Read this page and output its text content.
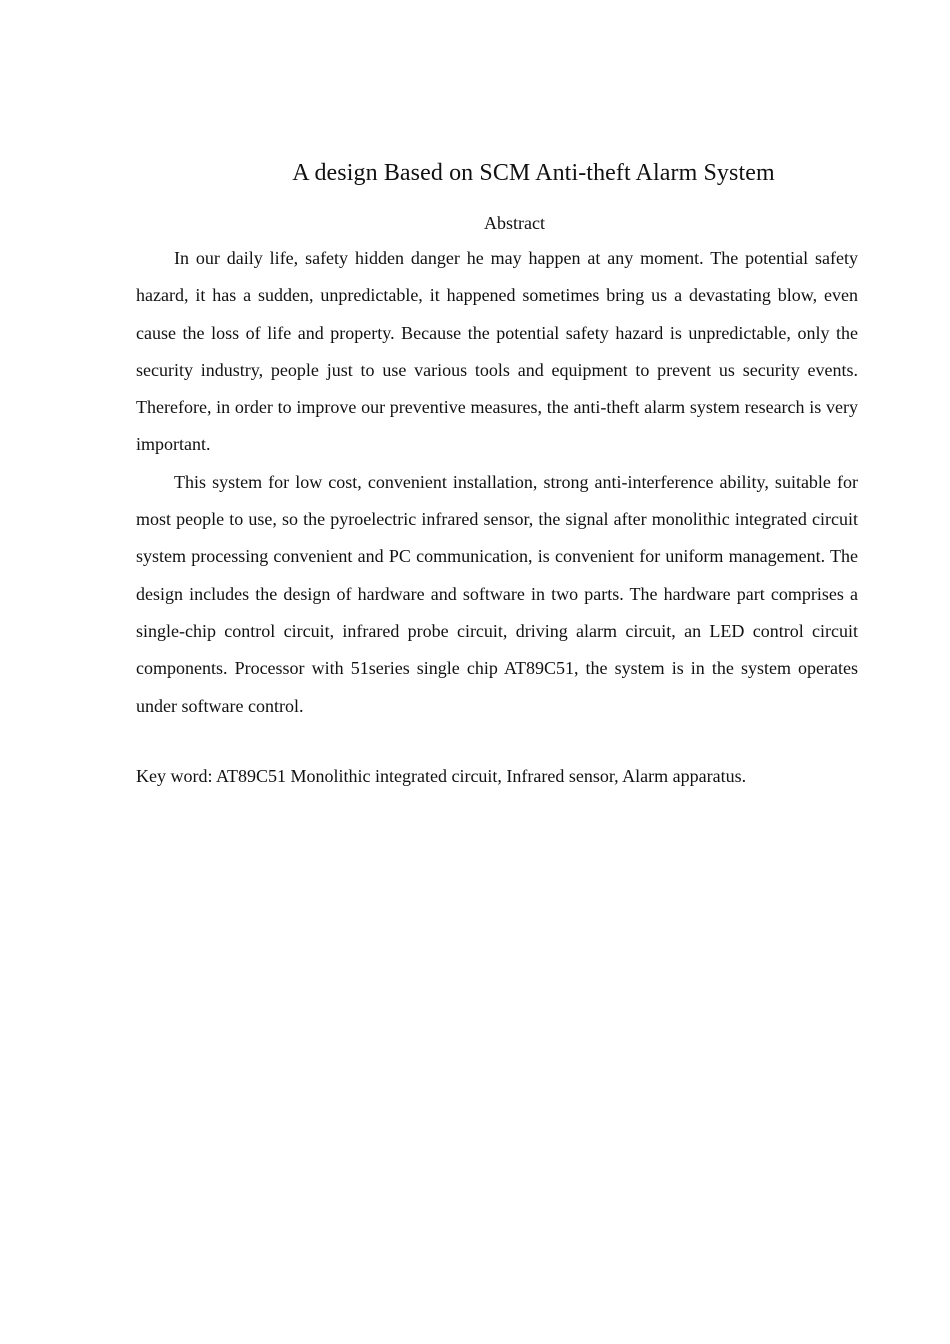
A design Based on SCM Anti-theft Alarm System
Abstract

In our daily life, safety hidden danger he may happen at any moment. The potential safety hazard, it has a sudden, unpredictable, it happened sometimes bring us a devastating blow, even cause the loss of life and property. Because the potential safety hazard is unpredictable, only the security industry, people just to use various tools and equipment to prevent us security events. Therefore, in order to improve our preventive measures, the anti-theft alarm system research is very important.

This system for low cost, convenient installation, strong anti-interference ability, suitable for most people to use, so the pyroelectric infrared sensor, the signal after monolithic integrated circuit system processing convenient and PC communication, is convenient for uniform management. The design includes the design of hardware and software in two parts. The hardware part comprises a single-chip control circuit, infrared probe circuit, driving alarm circuit, an LED control circuit components. Processor with 51series single chip AT89C51, the system is in the system operates under software control.

Key word: AT89C51 Monolithic integrated circuit, Infrared sensor, Alarm apparatus.
